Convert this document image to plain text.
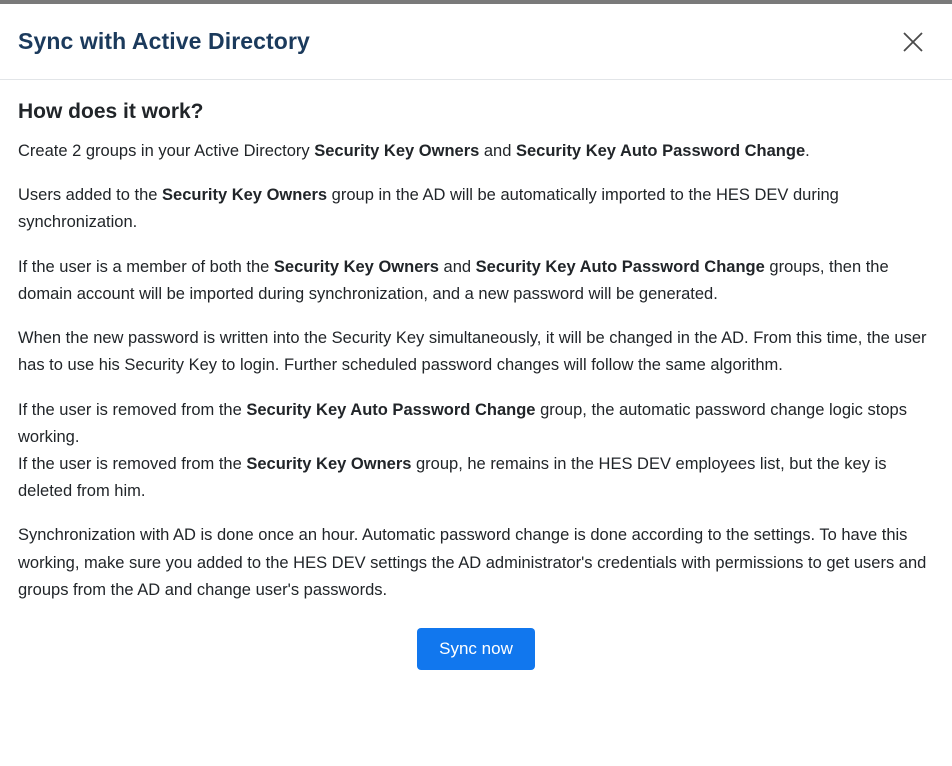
Sync with Active Directory
How does it work?

Create 2 groups in your Active Directory Security Key Owners and Security Key Auto Password Change.

Users added to the Security Key Owners group in the AD will be automatically imported to the HES DEV during synchronization.

If the user is a member of both the Security Key Owners and Security Key Auto Password Change groups, then the domain account will be imported during synchronization, and a new password will be generated.

When the new password is written into the Security Key simultaneously, it will be changed in the AD. From this time, the user has to use his Security Key to login. Further scheduled password changes will follow the same algorithm.

If the user is removed from the Security Key Auto Password Change group, the automatic password change logic stops working.
If the user is removed from the Security Key Owners group, he remains in the HES DEV employees list, but the key is deleted from him.

Synchronization with AD is done once an hour. Automatic password change is done according to the settings. To have this working, make sure you added to the HES DEV settings the AD administrator's credentials with permissions to get users and groups from the AD and change user's passwords.

Sync now
